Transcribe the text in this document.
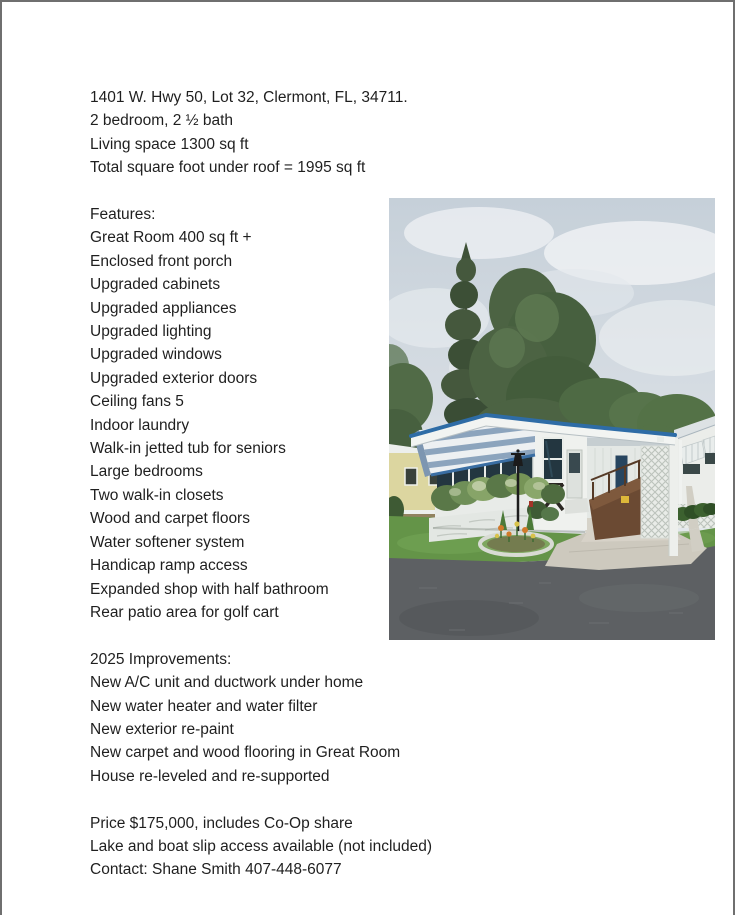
1401 W. Hwy 50, Lot 32, Clermont, FL, 34711.

2 bedroom, 2 ½ bath

Living space 1300 sq ft

Total square foot under roof = 1995 sq ft

Features:

Great Room 400 sq ft +

Enclosed front porch

Upgraded cabinets

Upgraded appliances

Upgraded lighting

Upgraded windows

Upgraded exterior doors

Ceiling fans 5

Indoor laundry

Walk-in jetted tub for seniors

Large bedrooms

Two walk-in closets

Wood and carpet floors

Water softener system

Handicap ramp access

Expanded shop with half bathroom

Rear patio area for golf cart

2025 Improvements:

New A/C unit and ductwork under home

New water heater and water filter

New exterior re-paint

New carpet and wood flooring in Great Room

House re-leveled and re-supported

Price $175,000, includes Co-Op share

Lake and boat slip access available (not included)

Contact: Shane Smith 407-448-6077
